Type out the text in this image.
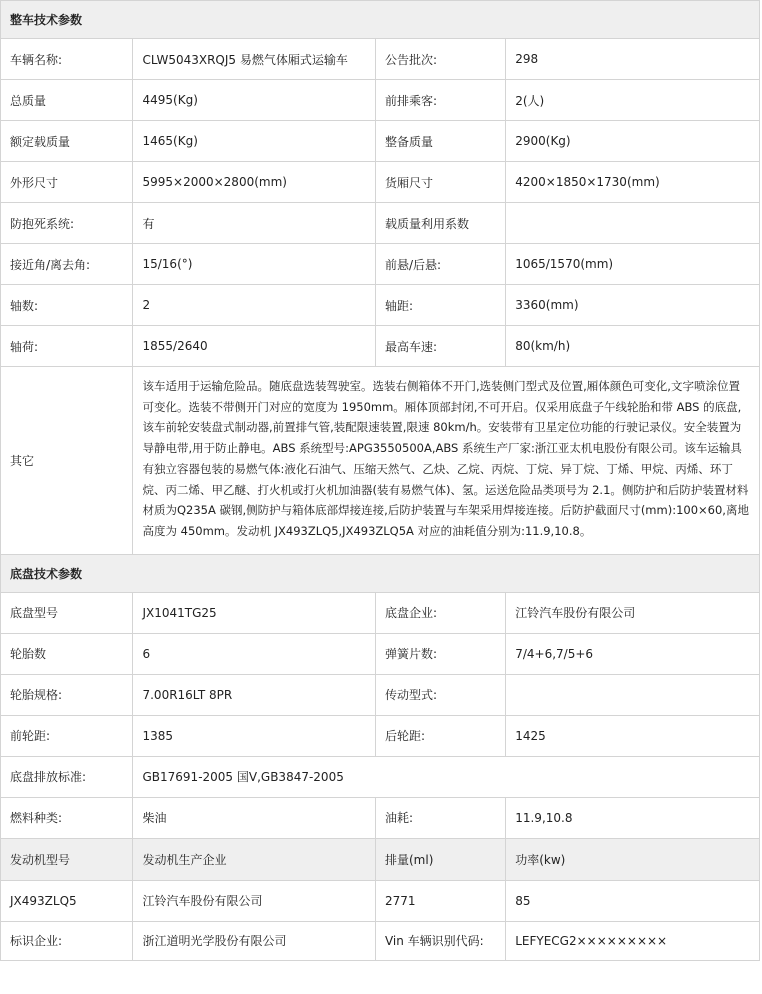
整车技术参数			
车辆名称:	CLW5043XRQJ5 易燃气体厢式运输车	公告批次:	298
总质量	4495(Kg)	前排乘客:	2(人)
额定载质量	1465(Kg)	整备质量	2900(Kg)
外形尺寸	5995×2000×2800(mm)	货厢尺寸	4200×1850×1730(mm)
防抱死系统:	有	载质量利用系数	
接近角/离去角:	15/16(°)	前悬/后悬:	1065/1570(mm)
轴数:	2	轴距:	3360(mm)
轴荷:	1855/2640	最高车速:	80(km/h)
其它	该车适用于运输危险品。随底盘选装驾驶室。选装右侧箱体不开门,选装侧门型式及位置,厢体颜色可变化,文字喷涂位置可变化。选装不带侧开门对应的宽度为 1950mm。厢体顶部封闭,不可开启。仅采用底盘子午线轮胎和带 ABS 的底盘,该车前轮安装盘式制动器,前置排气管,装配限速装置,限速 80km/h。安装带有卫星定位功能的行驶记录仪。安全装置为导静电带,用于防止静电。ABS 系统型号:APG3550500A,ABS 系统生产厂家:浙江亚太机电股份有限公司。该车运输具有独立容器包装的易燃气体:液化石油气、压缩天然气、乙炔、乙烷、丙烷、丁烷、异丁烷、丁烯、甲烷、丙烯、环丁烷、丙二烯、甲乙醚、打火机或打火机加油器(装有易燃气体)、氢。运送危险品类项号为 2.1。侧防护和后防护装置材料材质为Q235A 碳钢,侧防护与箱体底部焊接连接,后防护装置与车架采用焊接连接。后防护截面尺寸(mm):100×60,离地高度为 450mm。发动机 JX493ZLQ5,JX493ZLQ5A 对应的油耗值分别为:11.9,10.8。		
底盘技术参数			
底盘型号	JX1041TG25	底盘企业:	江铃汽车股份有限公司
轮胎数	6	弹簧片数:	7/4+6,7/5+6
轮胎规格:	7.00R16LT 8PR	传动型式:	
前轮距:	1385	后轮距:	1425
底盘排放标准:	GB17691-2005 国Ⅴ,GB3847-2005		
燃料种类:	柴油	油耗:	11.9,10.8
发动机型号	发动机生产企业	排量(ml)	功率(kw)
JX493ZLQ5	江铃汽车股份有限公司	2771	85
标识企业:	浙江道明光学股份有限公司	Vin 车辆识别代码:	LEFYECG2×××××××××
